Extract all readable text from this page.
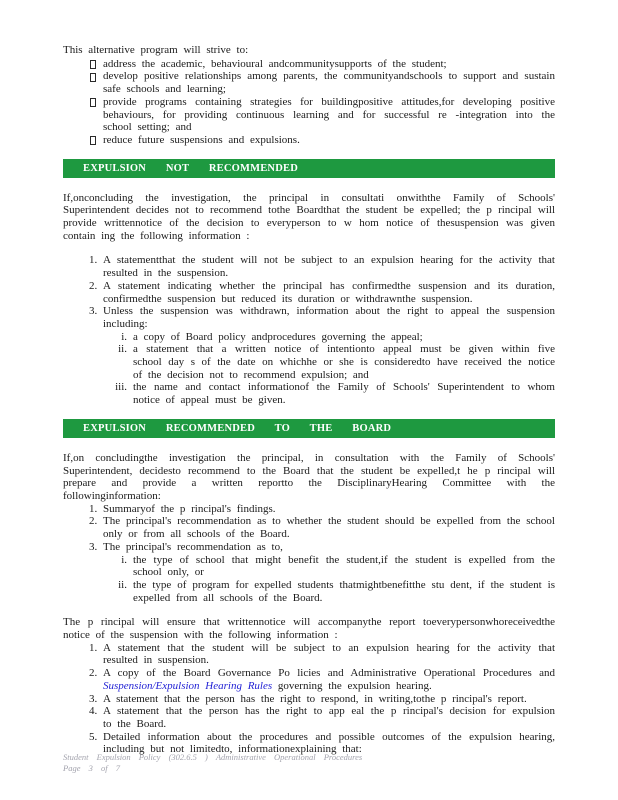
This alternative program will strive to:
address the academic, behavioural andcommunitysupports of the student;
develop positive relationships among parents, the communityandschools to support and sustain safe schools and learning;
provide programs containing strategies for buildingpositive attitudes,for developing positive behaviours, for providing continuous learning and for successful re -integration into the school setting; and
reduce future suspensions and expulsions.
EXPULSION NOT RECOMMENDED
If,onconcluding the investigation, the principal in consultati onwiththe Family of Schools' Superintendent decides not to recommend tothe Boardthat the student be expelled; the p rincipal will provide writtennotice of the decision to everyperson to w hom notice of thesuspension was given contain ing the following information :
1. A statementthat the student will not be subject to an expulsion hearing for the activity that resulted in the suspension.
2. A statement indicating whether the principal has confirmedthe suspension and its duration, confirmedthe suspension but reduced its duration or withdrawnthe suspension.
3. Unless the suspension was withdrawn, information about the right to appeal the suspension including:
i. a copy of Board policy andprocedures governing the appeal;
ii. a statement that a written notice of intentionto appeal must be given within five school day s of the date on whichhe or she is consideredto have received the notice of the decision not to recommend expulsion; and
iii. the name and contact informationof the Family of Schools' Superintendent to whom notice of appeal must be given.
EXPULSION RECOMMENDED TO THE BOARD
If,on concludingthe investigation the principal, in consultation with the Family of Schools' Superintendent, decidesto recommend to the Board that the student be expelled,t he p rincipal will prepare and provide a written reportto the DisciplinaryHearing Committee with the followinginformation:
1. Summaryof the p rincipal's findings.
2. The principal's recommendation as to whether the student should be expelled from the school only or from all schools of the Board.
3. The principal's recommendation as to,
i. the type of school that might benefit the student,if the student is expelled from the school only, or
ii. the type of program for expelled students thatmightbenefitthe stu dent, if the student is expelled from all schools of the Board.
The p rincipal will ensure that writtennotice will accompanythe report toeverypersonwhoreceivedthe notice of the suspension with the following information :
1. A statement that the student will be subject to an expulsion hearing for the activity that resulted in suspension.
2. A copy of the Board Governance Po licies and Administrative Operational Procedures and Suspension/Expulsion Hearing Rules governing the expulsion hearing.
3. A statement that the person has the right to respond, in writing,tothe p rincipal's report.
4. A statement that the person has the right to app eal the p rincipal's decision for expulsion to the Board.
5. Detailed information about the procedures and possible outcomes of the expulsion hearing, including but not limitedto, informationexplaining that:
Student Expulsion Policy (302.6.5 ) Administrative Operational Procedures
Page 3 of 7
